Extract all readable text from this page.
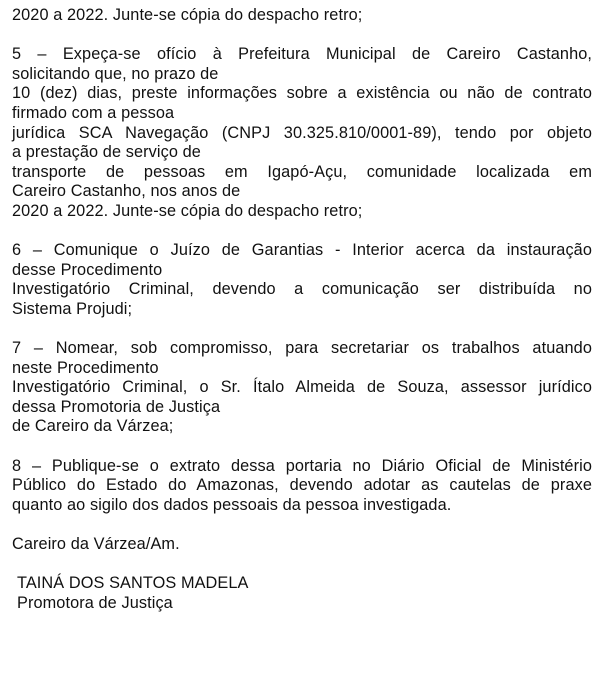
2020 a 2022. Junte-se cópia do despacho retro;
5 – Expeça-se ofício à Prefeitura Municipal de Careiro Castanho,
solicitando que, no prazo de
10 (dez) dias, preste informações sobre a existência ou não de contrato
firmado com a pessoa
jurídica SCA Navegação (CNPJ 30.325.810/0001-89), tendo por objeto
a prestação de serviço de
transporte de pessoas em Igapó-Açu, comunidade localizada em
Careiro Castanho, nos anos de
2020 a 2022. Junte-se cópia do despacho retro;
6 – Comunique o Juízo de Garantias - Interior acerca da instauração
desse Procedimento
Investigatório Criminal, devendo a comunicação ser distribuída no
Sistema Projudi;
7 – Nomear, sob compromisso, para secretariar os trabalhos atuando
neste Procedimento
Investigatório Criminal, o Sr. Ítalo Almeida de Souza, assessor jurídico
dessa Promotoria de Justiça
de Careiro da Várzea;
8 – Publique-se o extrato dessa portaria no Diário Oficial de Ministério
Público do Estado do Amazonas, devendo adotar as cautelas de praxe
quanto ao sigilo dos dados pessoais da pessoa investigada.
Careiro da Várzea/Am.
TAINÁ DOS SANTOS MADELA
Promotora de Justiça
